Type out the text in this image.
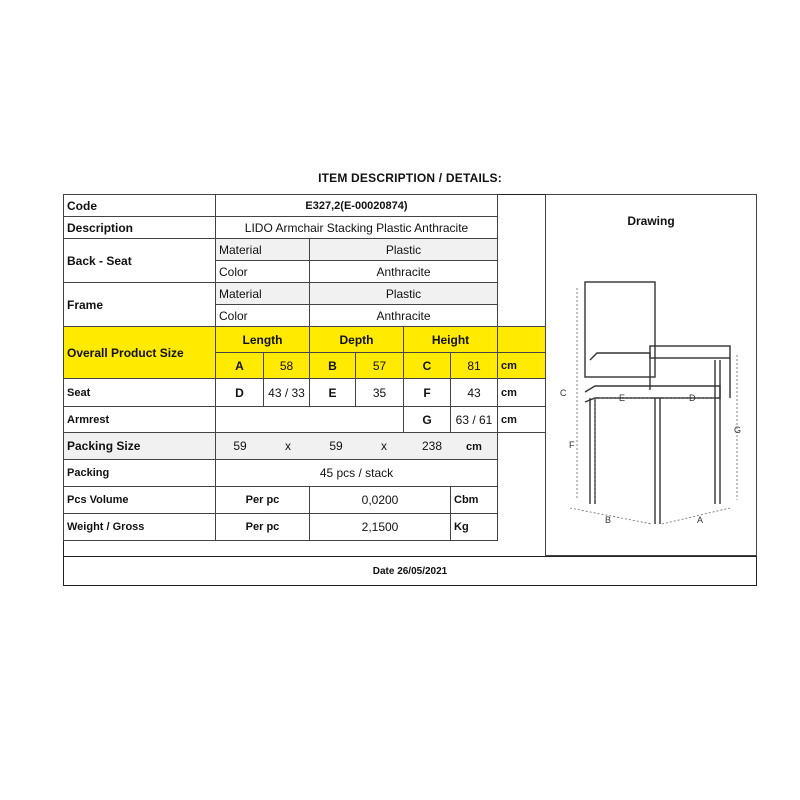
ITEM DESCRIPTION / DETAILS:
Code	E327,2(E-00020874)						
Description	LIDO Armchair Stacking Plastic Anthracite						
Back - Seat	Material		Plastic				
	Color		Anthracite				
Frame	Material		Plastic				
	Color		Anthracite				
Overall Product Size	Length		Depth		Height		
	A	58	B	57	C	81	cm
Seat	D	43 / 33	E	35	F	43	cm
Armrest					G	63 / 61	cm
Packing Size	59 x 59 x 238 cm						
Packing	45 pcs / stack						
Pcs Volume	Per pc		0,0200			Cbm	
Weight / Gross	Per pc		2,1500			Kg	
Drawing
C
F
G
E	D
B	A
Date 26/05/2021
